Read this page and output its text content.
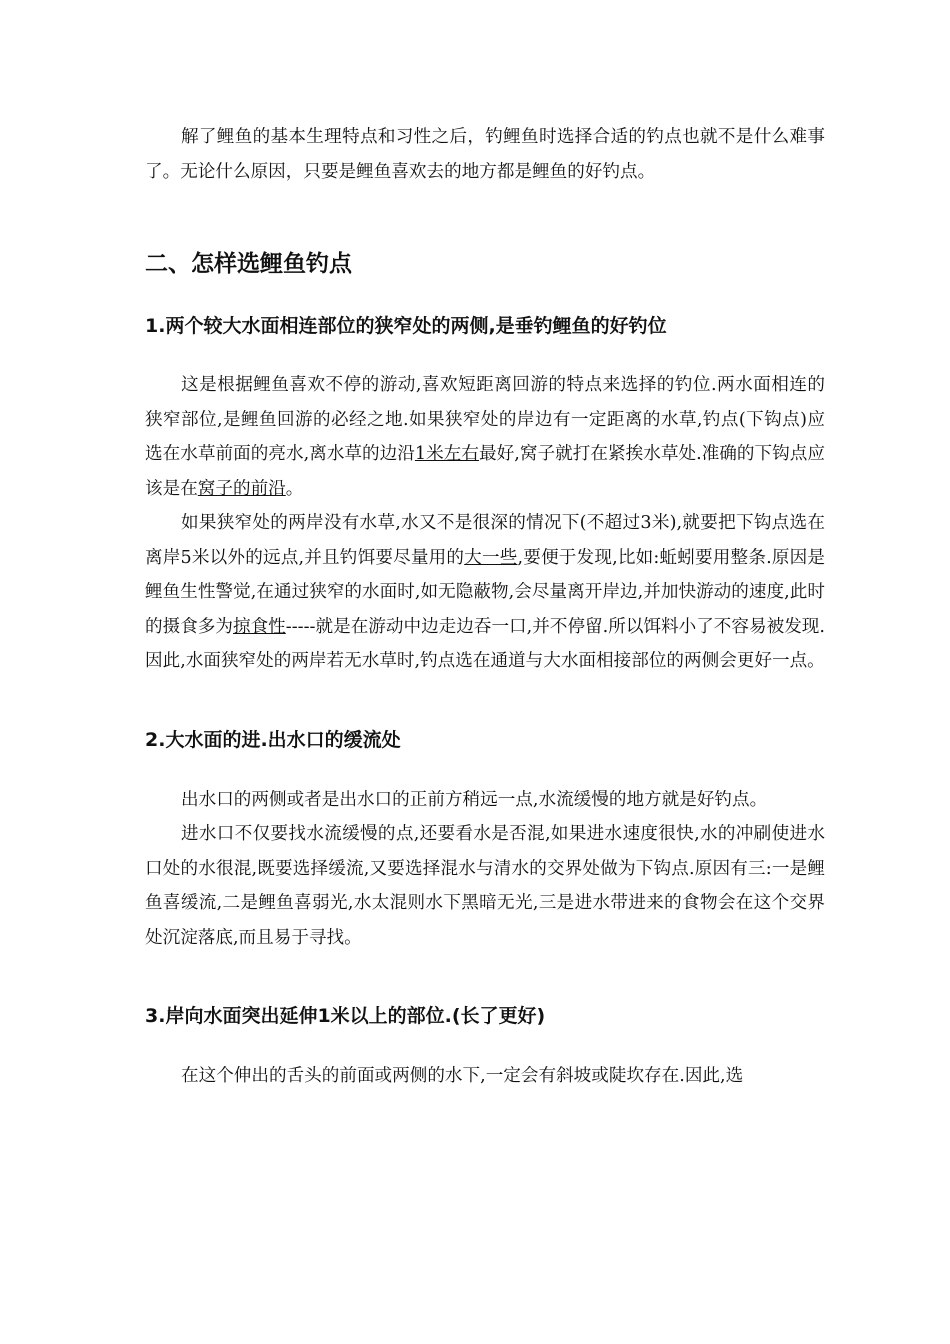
解了鲤鱼的基本生理特点和习性之后，钓鲤鱼时选择合适的钓点也就不是什么难事了。无论什么原因，只要是鲤鱼喜欢去的地方都是鲤鱼的好钓点。

二、怎样选鲤鱼钓点
1.两个较大水面相连部位的狭窄处的两侧,是垂钓鲤鱼的好钓位

这是根据鲤鱼喜欢不停的游动,喜欢短距离回游的特点来选择的钓位.两水面相连的狭窄部位,是鲤鱼回游的必经之地.如果狭窄处的岸边有一定距离的水草,钓点(下钩点)应选在水草前面的亮水,离水草的边沿1米左右最好,窝子就打在紧挨水草处.准确的下钩点应该是在窝子的前沿。

如果狭窄处的两岸没有水草,水又不是很深的情况下(不超过3米),就要把下钩点选在离岸5米以外的远点,并且钓饵要尽量用的大一些,要便于发现,比如:蚯蚓要用整条.原因是鲤鱼生性警觉,在通过狭窄的水面时,如无隐蔽物,会尽量离开岸边,并加快游动的速度,此时的摄食多为掠食性-----就是在游动中边走边吞一口,并不停留.所以饵料小了不容易被发现.因此,水面狭窄处的两岸若无水草时,钓点选在通道与大水面相接部位的两侧会更好一点。

2.大水面的进.出水口的缓流处

出水口的两侧或者是出水口的正前方稍远一点,水流缓慢的地方就是好钓点。

进水口不仅要找水流缓慢的点,还要看水是否混,如果进水速度很快,水的冲刷使进水口处的水很混,既要选择缓流,又要选择混水与清水的交界处做为下钩点.原因有三:一是鲤鱼喜缓流,二是鲤鱼喜弱光,水太混则水下黑暗无光,三是进水带进来的食物会在这个交界处沉淀落底,而且易于寻找。

3.岸向水面突出延伸1米以上的部位.(长了更好)

在这个伸出的舌头的前面或两侧的水下,一定会有斜坡或陡坎存在.因此,选
